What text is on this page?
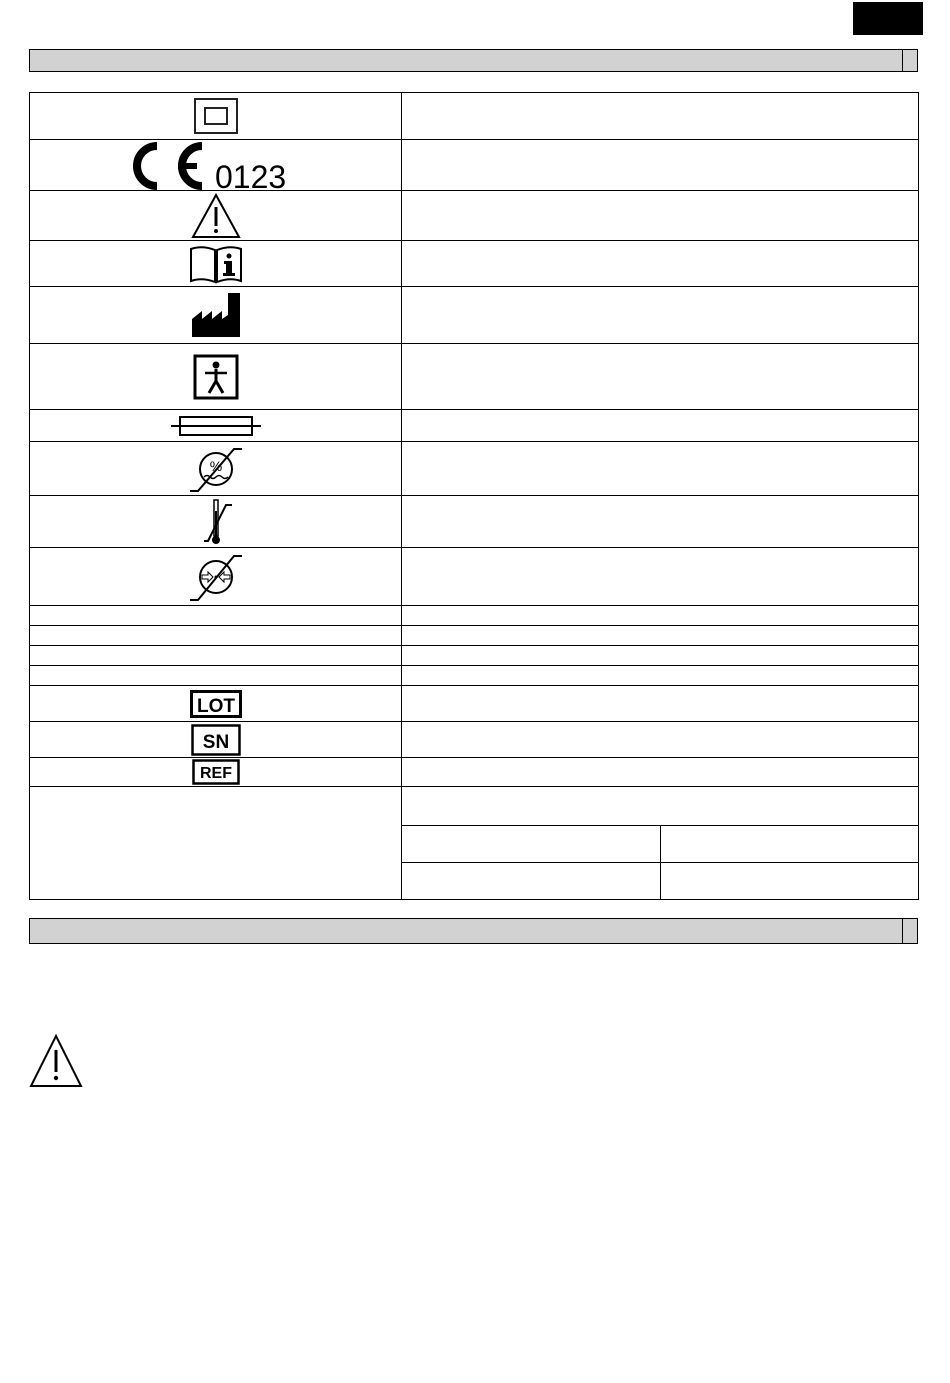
0123

%

LOT

SN

REF
